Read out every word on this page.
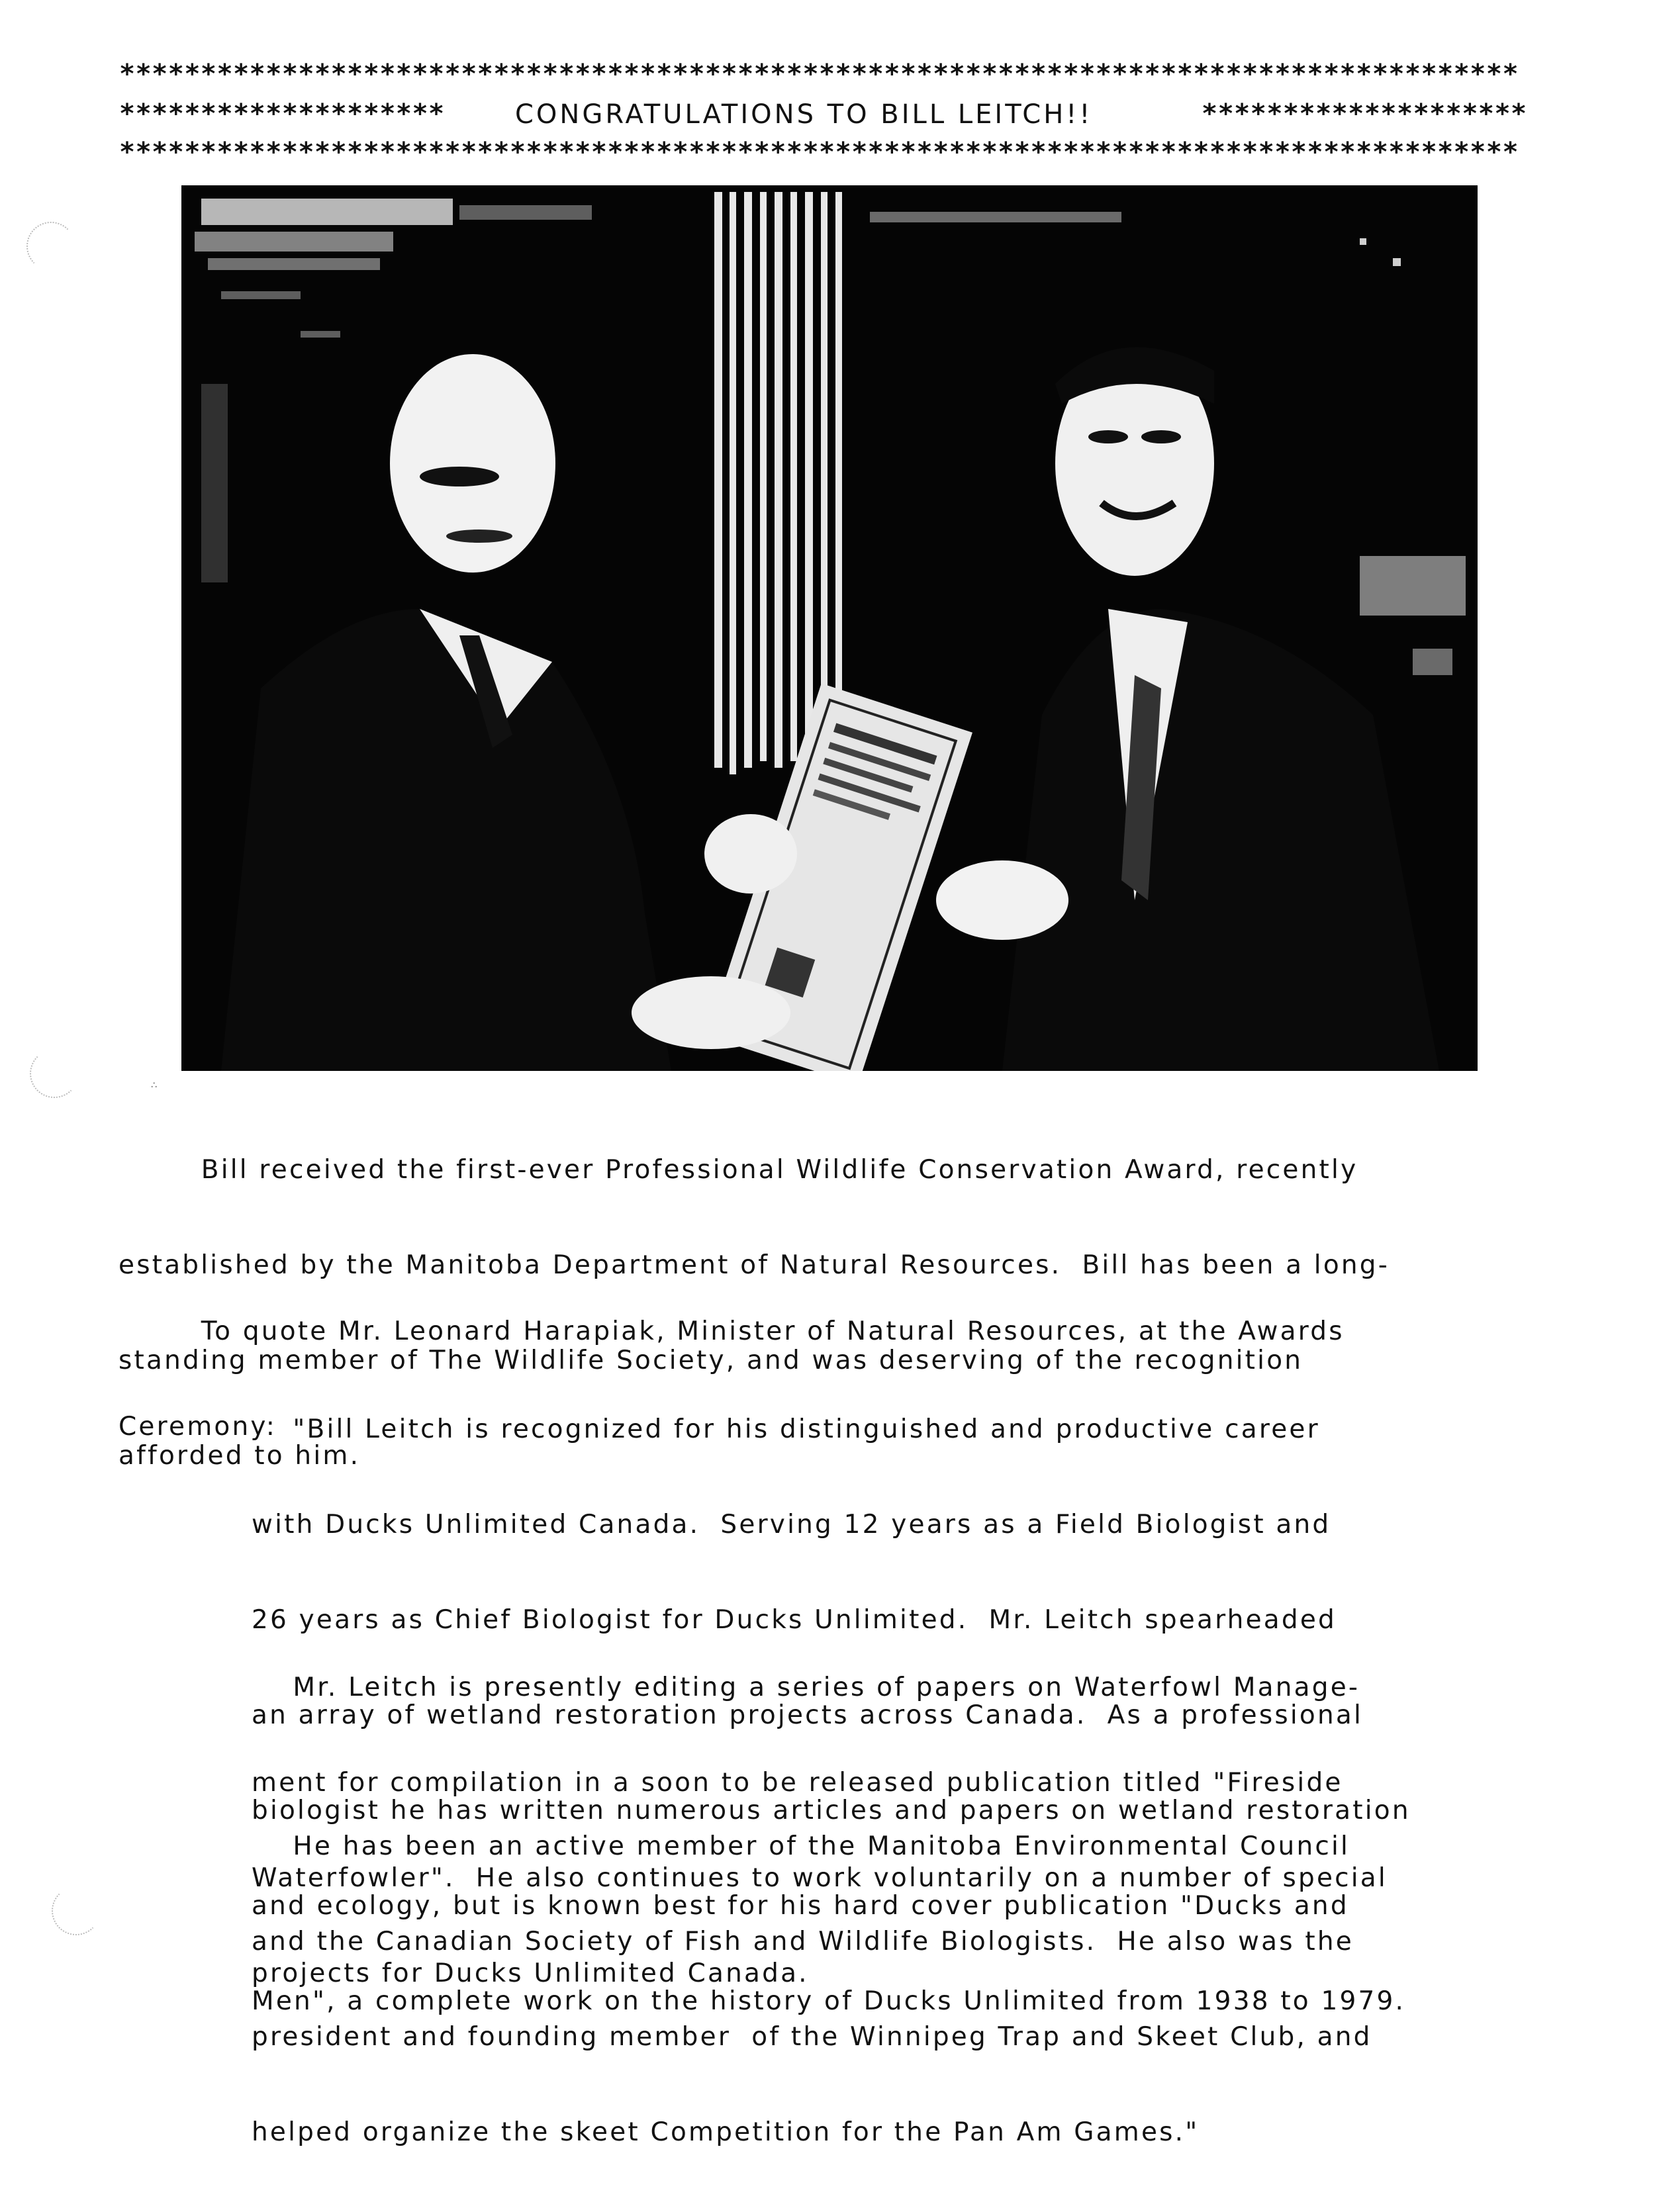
**************************************************************************************
********************	CONGRATULATIONS TO BILL LEITCH!!	********************
**************************************************************************************
∴

Bill received the first-ever Professional Wildlife Conservation Award, recently

established by the Manitoba Department of Natural Resources.  Bill has been a long-

standing member of The Wildlife Society, and was deserving of the recognition

afforded to him.

To quote Mr. Leonard Harapiak, Minister of Natural Resources, at the Awards

Ceremony:

"Bill Leitch is recognized for his distinguished and productive career

with Ducks Unlimited Canada.  Serving 12 years as a Field Biologist and

26 years as Chief Biologist for Ducks Unlimited.  Mr. Leitch spearheaded

an array of wetland restoration projects across Canada.  As a professional

biologist he has written numerous articles and papers on wetland restoration

and ecology, but is known best for his hard cover publication "Ducks and

Men", a complete work on the history of Ducks Unlimited from 1938 to 1979.

Mr. Leitch is presently editing a series of papers on Waterfowl Manage-

ment for compilation in a soon to be released publication titled "Fireside

Waterfowler".  He also continues to work voluntarily on a number of special

projects for Ducks Unlimited Canada.

He has been an active member of the Manitoba Environmental Council

and the Canadian Society of Fish and Wildlife Biologists.  He also was the

president and founding member  of the Winnipeg Trap and Skeet Club, and

helped organize the skeet Competition for the Pan Am Games."
